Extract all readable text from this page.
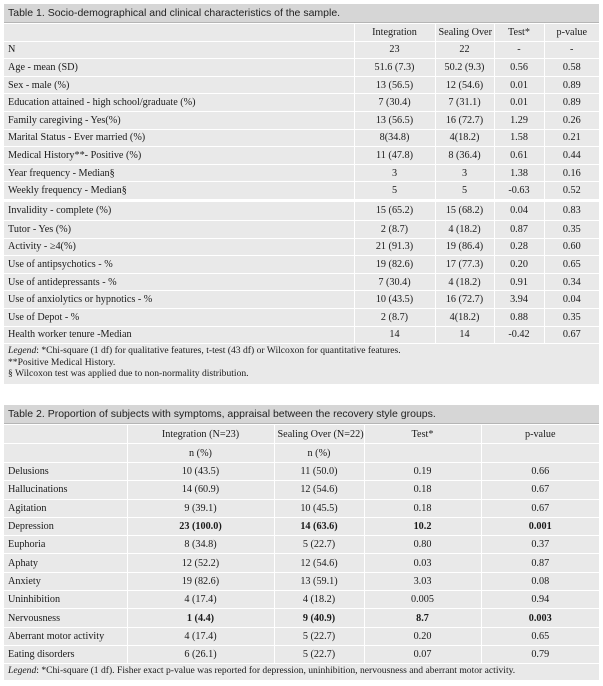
Table 1. Socio-demographical and clinical characteristics of the sample.
	Integration	Sealing Over	Test*	p-value
N	23	22	-	-
Age - mean (SD)	51.6 (7.3)	50.2 (9.3)	0.56	0.58
Sex - male (%)	13 (56.5)	12 (54.6)	0.01	0.89
Education attained - high school/graduate (%)	7 (30.4)	7 (31.1)	0.01	0.89
Family caregiving - Yes(%)	13 (56.5)	16 (72.7)	1.29	0.26
Marital Status - Ever married (%)	8(34.8)	4(18.2)	1.58	0.21
Medical History**- Positive (%)	11 (47.8)	8 (36.4)	0.61	0.44
Year frequency - Median§	3	3	1.38	0.16
Weekly frequency - Median§	5	5	-0.63	0.52
Invalidity - complete (%)	15 (65.2)	15 (68.2)	0.04	0.83
Tutor - Yes (%)	2 (8.7)	4 (18.2)	0.87	0.35
Activity - ≥4(%)	21 (91.3)	19 (86.4)	0.28	0.60
Use of antipsychotics - %	19 (82.6)	17 (77.3)	0.20	0.65
Use of antidepressants - %	7 (30.4)	4 (18.2)	0.91	0.34
Use of anxiolytics or hypnotics - %	10 (43.5)	16 (72.7)	3.94	0.04
Use of Depot - %	2 (8.7)	4(18.2)	0.88	0.35
Health worker tenure -Median	14	14	-0.42	0.67
Legend: *Chi-square (1 df) for qualitative features, t-test (43 df) or Wilcoxon for quantitative features.
**Positive Medical History.
§ Wilcoxon test was applied due to non-normality distribution.
Table 2. Proportion of subjects with symptoms, appraisal between the recovery style groups.
	Integration (N=23)	Sealing Over (N=22)	Test*	p-value
	n (%)	n (%)		
Delusions	10 (43.5)	11 (50.0)	0.19	0.66
Hallucinations	14 (60.9)	12 (54.6)	0.18	0.67
Agitation	9 (39.1)	10 (45.5)	0.18	0.67
Depression	23 (100.0)	14 (63.6)	10.2	0.001
Euphoria	8 (34.8)	5 (22.7)	0.80	0.37
Aphaty	12 (52.2)	12 (54.6)	0.03	0.87
Anxiety	19 (82.6)	13 (59.1)	3.03	0.08
Uninhibition	4 (17.4)	4 (18.2)	0.005	0.94
Nervousness	1 (4.4)	9 (40.9)	8.7	0.003
Aberrant motor activity	4 (17.4)	5 (22.7)	0.20	0.65
Eating disorders	6 (26.1)	5 (22.7)	0.07	0.79
Legend: *Chi-square (1 df). Fisher exact p-value was reported for depression, uninhibition, nervousness and aberrant motor activity.
